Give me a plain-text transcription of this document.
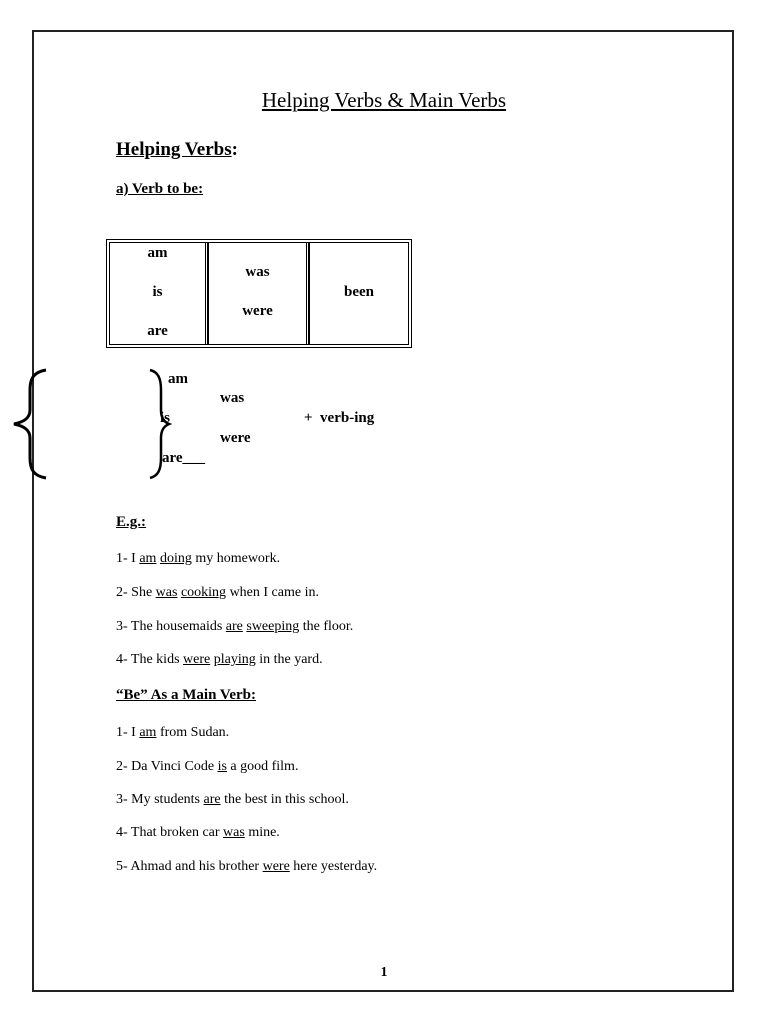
Helping Verbs & Main Verbs
Helping Verbs:
a) Verb to be:
am
is
are
was
were
been
am
is
are___
was
were
+  verb-ing
E.g.:
1- I am doing my homework.
2- She was cooking when I came in.
3- The housemaids are sweeping the floor.
4- The kids were playing in the yard.
“Be” As a Main Verb:
1- I am from Sudan.
2- Da Vinci Code is a good film.
3- My students are the best in this school.
4- That broken car was mine.
5- Ahmad and his brother were here yesterday.
1
